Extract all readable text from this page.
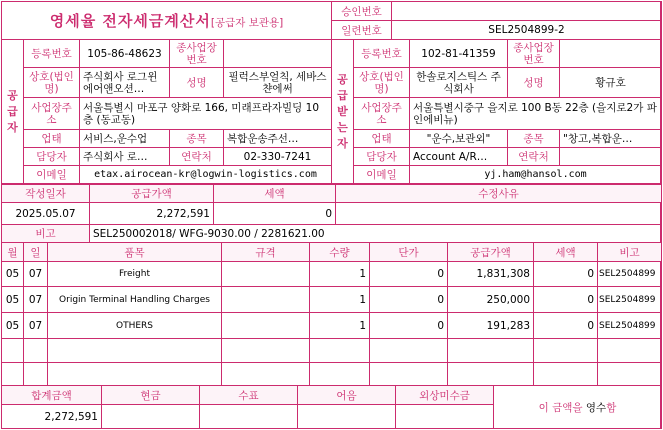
영세율 전자세금계산서[공급자 보관용]	승인번호	
	일련번호	SEL2504899-2
공급자	등록번호	105-86-48623	종사업장번호		공급받는자	등록번호	102-81-41359	종사업장번호	
	상호(법인명)	주식회사 로그윈에어앤오션…	성명	필럭스부얼칙, 세바스챤에써		상호(법인명)	한솔로지스틱스 주식회사	성명	황규호
	사업장주소	서울특별시 마포구 양화로 166, 미래프라자빌딩 10층 (동교동)				사업장주소	서울특별시중구 을지로 100 B동 22층 (을지로2가 파인에비뉴)		
	업태	서비스,운수업	종목	복합운송주선…		업태	"운수,보관외"	종목	"창고,복합운…
	담당자	주식회사 로…	연락처	02-330-7241		담당자	Account A/R…	연락처	
	이메일	etax.airocean-kr@logwin-logistics.com				이메일	yj.ham@hansol.com		
작성일자	공급가액	세액	수정사유
2025.05.07	2,272,591	0	
비고	SEL250002018/ WFG-9030.00 / 2281621.00
월	일	품목	규격	수량	단가	공급가액	세액	비고
05	07	Freight		1	0	1,831,308	0	SEL2504899
05	07	Origin Terminal Handling Charges		1	0	250,000	0	SEL2504899
05	07	OTHERS		1	0	191,283	0	SEL2504899

합계금액	현금	수표	어음	외상미수금	이 금액을 영수함
2,272,591					
